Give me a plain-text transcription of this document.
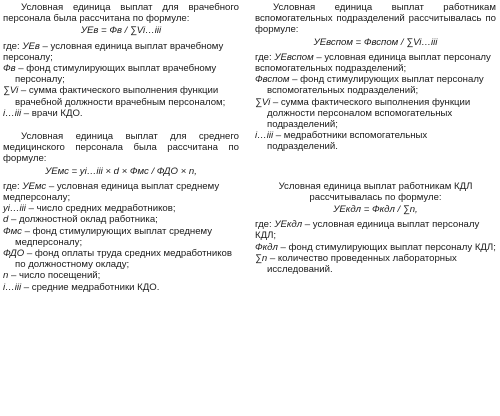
Условная единица выплат для врачебного персонала была рассчитана по формуле:

УЕв = Фв / ∑Vi…iii

где: УЕв – условная единица выплат врачебному персоналу;

Фв – фонд стимулирующих выплат врачебному персоналу;

∑Vi – сумма фактического выполнения функции врачебной должности врачебным персоналом;

i…iii – врачи КДО.

Условная единица выплат для среднего медицинского персонала была рассчитана по формуле:

УЕмс = yi…iii × d × Фмс / ФДО × n,

где: УЕмс – условная единица выплат среднему медперсоналу;

yi…iii – число средних медработников;

d – должностной оклад работника;

Фмс – фонд стимулирующих выплат среднему медперсоналу;

ФДО – фонд оплаты труда средних медработников по должностному окладу;

n – число посещений;

i…iii – средние медработники КДО.

Условная единица выплат работникам вспомогательных подразделений рассчитывалась по формуле:

УЕвспом = Фвспом / ∑Vi…iii

где: УЕвспом – условная единица выплат персоналу вспомогательных подразделений;

Фвспом – фонд стимулирующих выплат персоналу вспомогательных подразделений;

∑Vi – сумма фактического выполнения функции должности персоналом вспомогательных подразделений;

i…iii – медработники вспомогательных подразделений.

Условная единица выплат работникам КДЛ рассчитывалась по формуле:

УЕкдл = Фкдл / ∑n,

где: УЕкдл – условная единица выплат персоналу КДЛ;

Фкдл – фонд стимулирующих выплат персоналу КДЛ;

∑n – количество проведенных лабораторных исследований.
